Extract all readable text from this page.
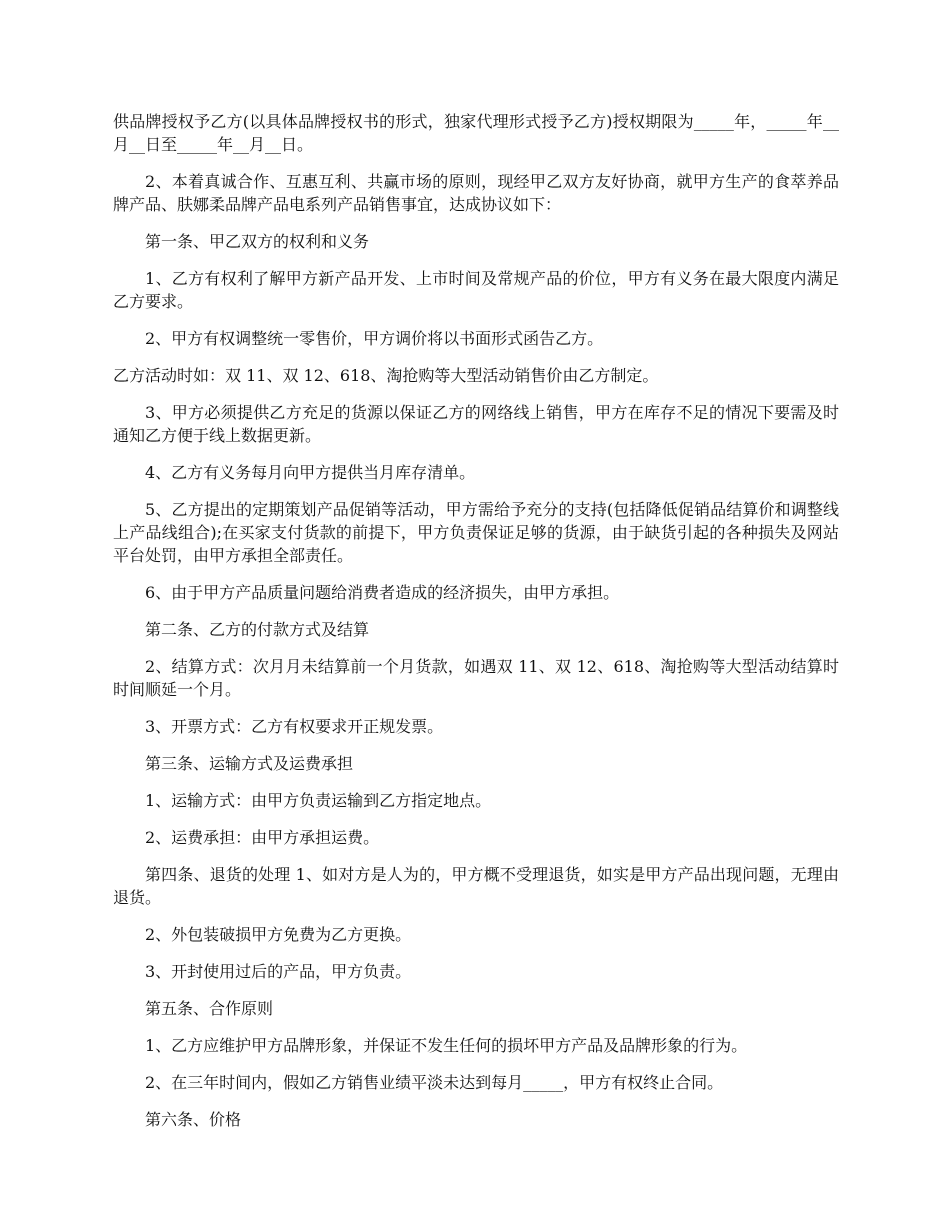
供品牌授权予乙方(以具体品牌授权书的形式，独家代理形式授予乙方)授权期限为_____年，_____年__月__日至_____年__月__日。

2、本着真诚合作、互惠互利、共赢市场的原则，现经甲乙双方友好协商，就甲方生产的食萃养品牌产品、肤娜柔品牌产品电系列产品销售事宜，达成协议如下：

第一条、甲乙双方的权利和义务

1、乙方有权利了解甲方新产品开发、上市时间及常规产品的价位，甲方有义务在最大限度内满足乙方要求。

2、甲方有权调整统一零售价，甲方调价将以书面形式函告乙方。

乙方活动时如：双 11、双 12、618、淘抢购等大型活动销售价由乙方制定。

3、甲方必须提供乙方充足的货源以保证乙方的网络线上销售，甲方在库存不足的情况下要需及时通知乙方便于线上数据更新。

4、乙方有义务每月向甲方提供当月库存清单。

5、乙方提出的定期策划产品促销等活动，甲方需给予充分的支持(包括降低促销品结算价和调整线上产品线组合);在买家支付货款的前提下，甲方负责保证足够的货源，由于缺货引起的各种损失及网站平台处罚，由甲方承担全部责任。

6、由于甲方产品质量问题给消费者造成的经济损失，由甲方承担。

第二条、乙方的付款方式及结算

2、结算方式：次月月未结算前一个月货款，如遇双 11、双 12、618、淘抢购等大型活动结算时时间顺延一个月。

3、开票方式：乙方有权要求开正规发票。

第三条、运输方式及运费承担

1、运输方式：由甲方负责运输到乙方指定地点。

2、运费承担：由甲方承担运费。

第四条、退货的处理 1、如对方是人为的，甲方概不受理退货，如实是甲方产品出现问题，无理由退货。

2、外包装破损甲方免费为乙方更换。

3、开封使用过后的产品，甲方负责。

第五条、合作原则

1、乙方应维护甲方品牌形象，并保证不发生任何的损坏甲方产品及品牌形象的行为。

2、在三年时间内，假如乙方销售业绩平淡未达到每月_____，甲方有权终止合同。

第六条、价格
